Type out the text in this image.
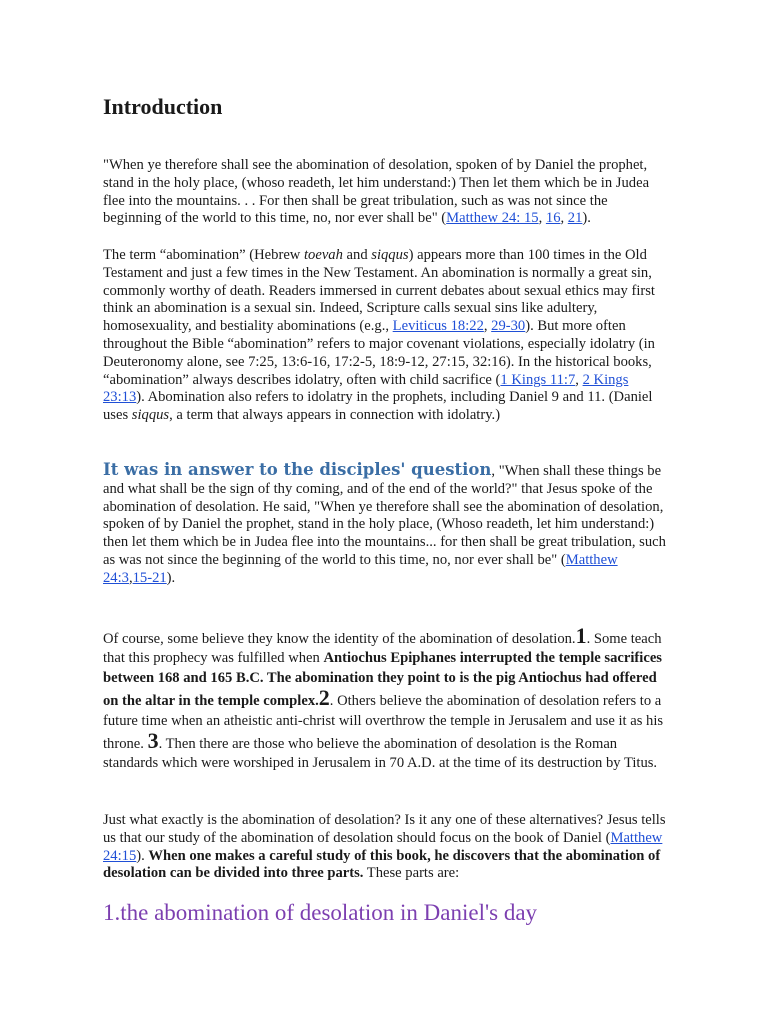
Introduction

"When ye therefore shall see the abomination of desolation, spoken of by Daniel the prophet, stand in the holy place, (whoso readeth, let him understand:) Then let them which be in Judea flee into the mountains. . . For then shall be great tribulation, such as was not since the beginning of the world to this time, no, nor ever shall be" (Matthew 24: 15, 16, 21).

The term “abomination” (Hebrew toevah and siqqus) appears more than 100 times in the Old Testament and just a few times in the New Testament. An abomination is normally a great sin, commonly worthy of death. Readers immersed in current debates about sexual ethics may first think an abomination is a sexual sin. Indeed, Scripture calls sexual sins like adultery, homosexuality, and bestiality abominations (e.g., Leviticus 18:22, 29-30). But more often throughout the Bible “abomination” refers to major covenant violations, especially idolatry (in Deuteronomy alone, see 7:25, 13:6-16, 17:2-5, 18:9-12, 27:15, 32:16). In the historical books, “abomination” always describes idolatry, often with child sacrifice (1 Kings 11:7, 2 Kings 23:13). Abomination also refers to idolatry in the prophets, including Daniel 9 and 11. (Daniel uses siqqus, a term that always appears in connection with idolatry.)

It was in answer to the disciples' question, "When shall these things be and what shall be the sign of thy coming, and of the end of the world?" that Jesus spoke of the abomination of desolation. He said, "When ye therefore shall see the abomination of desolation, spoken of by Daniel the prophet, stand in the holy place, (Whoso readeth, let him understand:) then let them which be in Judea flee into the mountains... for then shall be great tribulation, such as was not since the beginning of the world to this time, no, nor ever shall be" (Matthew 24:3,15-21).

Of course, some believe they know the identity of the abomination of desolation.1. Some teach that this prophecy was fulfilled when Antiochus Epiphanes interrupted the temple sacrifices between 168 and 165 B.C. The abomination they point to is the pig Antiochus had offered on the altar in the temple complex.2. Others believe the abomination of desolation refers to a future time when an atheistic anti-christ will overthrow the temple in Jerusalem and use it as his throne. 3. Then there are those who believe the abomination of desolation is the Roman standards which were worshiped in Jerusalem in 70 A.D. at the time of its destruction by Titus.

Just what exactly is the abomination of desolation? Is it any one of these alternatives? Jesus tells us that our study of the abomination of desolation should focus on the book of Daniel (Matthew 24:15). When one makes a careful study of this book, he discovers that the abomination of desolation can be divided into three parts. These parts are:

1.the abomination of desolation in Daniel's day
